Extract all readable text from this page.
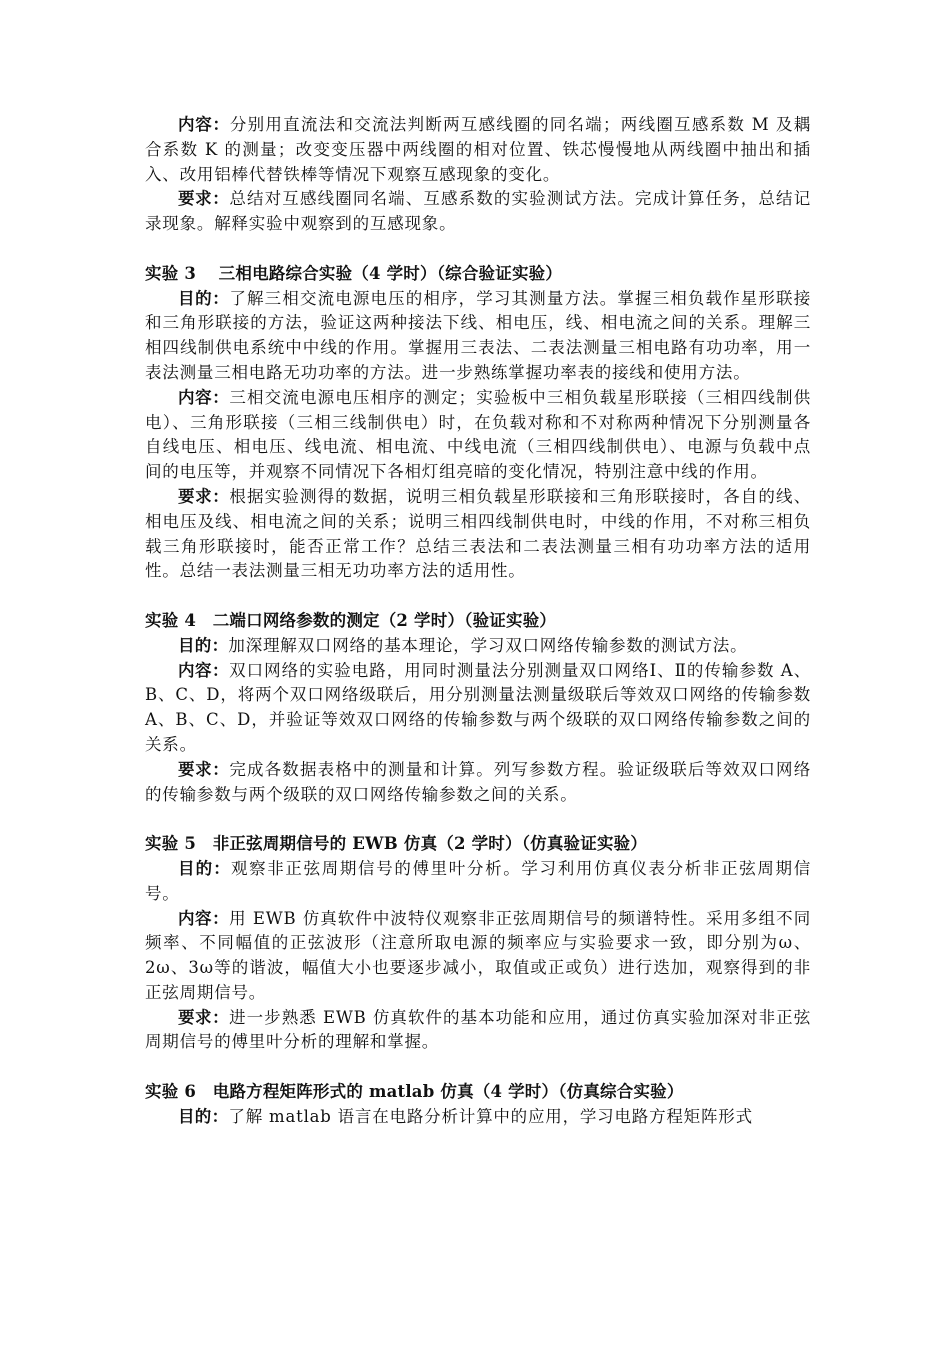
内容：分别用直流法和交流法判断两互感线圈的同名端；两线圈互感系数 M 及耦合系数 K 的测量；改变变压器中两线圈的相对位置、铁芯慢慢地从两线圈中抽出和插入、改用铝棒代替铁棒等情况下观察互感现象的变化。

要求：总结对互感线圈同名端、互感系数的实验测试方法。完成计算任务，总结记录现象。解释实验中观察到的互感现象。

实验 3　 三相电路综合实验（4 学时）（综合验证实验）

目的：了解三相交流电源电压的相序，学习其测量方法。掌握三相负载作星形联接和三角形联接的方法，验证这两种接法下线、相电压，线、相电流之间的关系。理解三相四线制供电系统中中线的作用。掌握用三表法、二表法测量三相电路有功功率，用一表法测量三相电路无功功率的方法。进一步熟练掌握功率表的接线和使用方法。

内容：三相交流电源电压相序的测定；实验板中三相负载星形联接（三相四线制供电）、三角形联接（三相三线制供电）时，在负载对称和不对称两种情况下分别测量各自线电压、相电压、线电流、相电流、中线电流（三相四线制供电）、电源与负载中点间的电压等，并观察不同情况下各相灯组亮暗的变化情况，特别注意中线的作用。

要求：根据实验测得的数据，说明三相负载星形联接和三角形联接时，各自的线、相电压及线、相电流之间的关系；说明三相四线制供电时，中线的作用，不对称三相负载三角形联接时，能否正常工作？总结三表法和二表法测量三相有功功率方法的适用性。总结一表法测量三相无功功率方法的适用性。

实验 4　二端口网络参数的测定（2 学时）（验证实验）

目的：加深理解双口网络的基本理论，学习双口网络传输参数的测试方法。

内容：双口网络的实验电路，用同时测量法分别测量双口网络Ⅰ、Ⅱ的传输参数 A、B、C、D，将两个双口网络级联后，用分别测量法测量级联后等效双口网络的传输参数 A、B、C、D，并验证等效双口网络的传输参数与两个级联的双口网络传输参数之间的关系。

要求：完成各数据表格中的测量和计算。列写参数方程。验证级联后等效双口网络的传输参数与两个级联的双口网络传输参数之间的关系。

实验 5　非正弦周期信号的 EWB 仿真（2 学时）（仿真验证实验）

目的：观察非正弦周期信号的傅里叶分析。学习利用仿真仪表分析非正弦周期信号。

内容：用 EWB 仿真软件中波特仪观察非正弦周期信号的频谱特性。采用多组不同频率、不同幅值的正弦波形（注意所取电源的频率应与实验要求一致，即分别为ω、2ω、3ω等的谐波，幅值大小也要逐步减小，取值或正或负）进行迭加，观察得到的非正弦周期信号。

要求：进一步熟悉 EWB 仿真软件的基本功能和应用，通过仿真实验加深对非正弦周期信号的傅里叶分析的理解和掌握。

实验 6　电路方程矩阵形式的 matlab 仿真（4 学时）（仿真综合实验）

目的：了解 matlab 语言在电路分析计算中的应用，学习电路方程矩阵形式
